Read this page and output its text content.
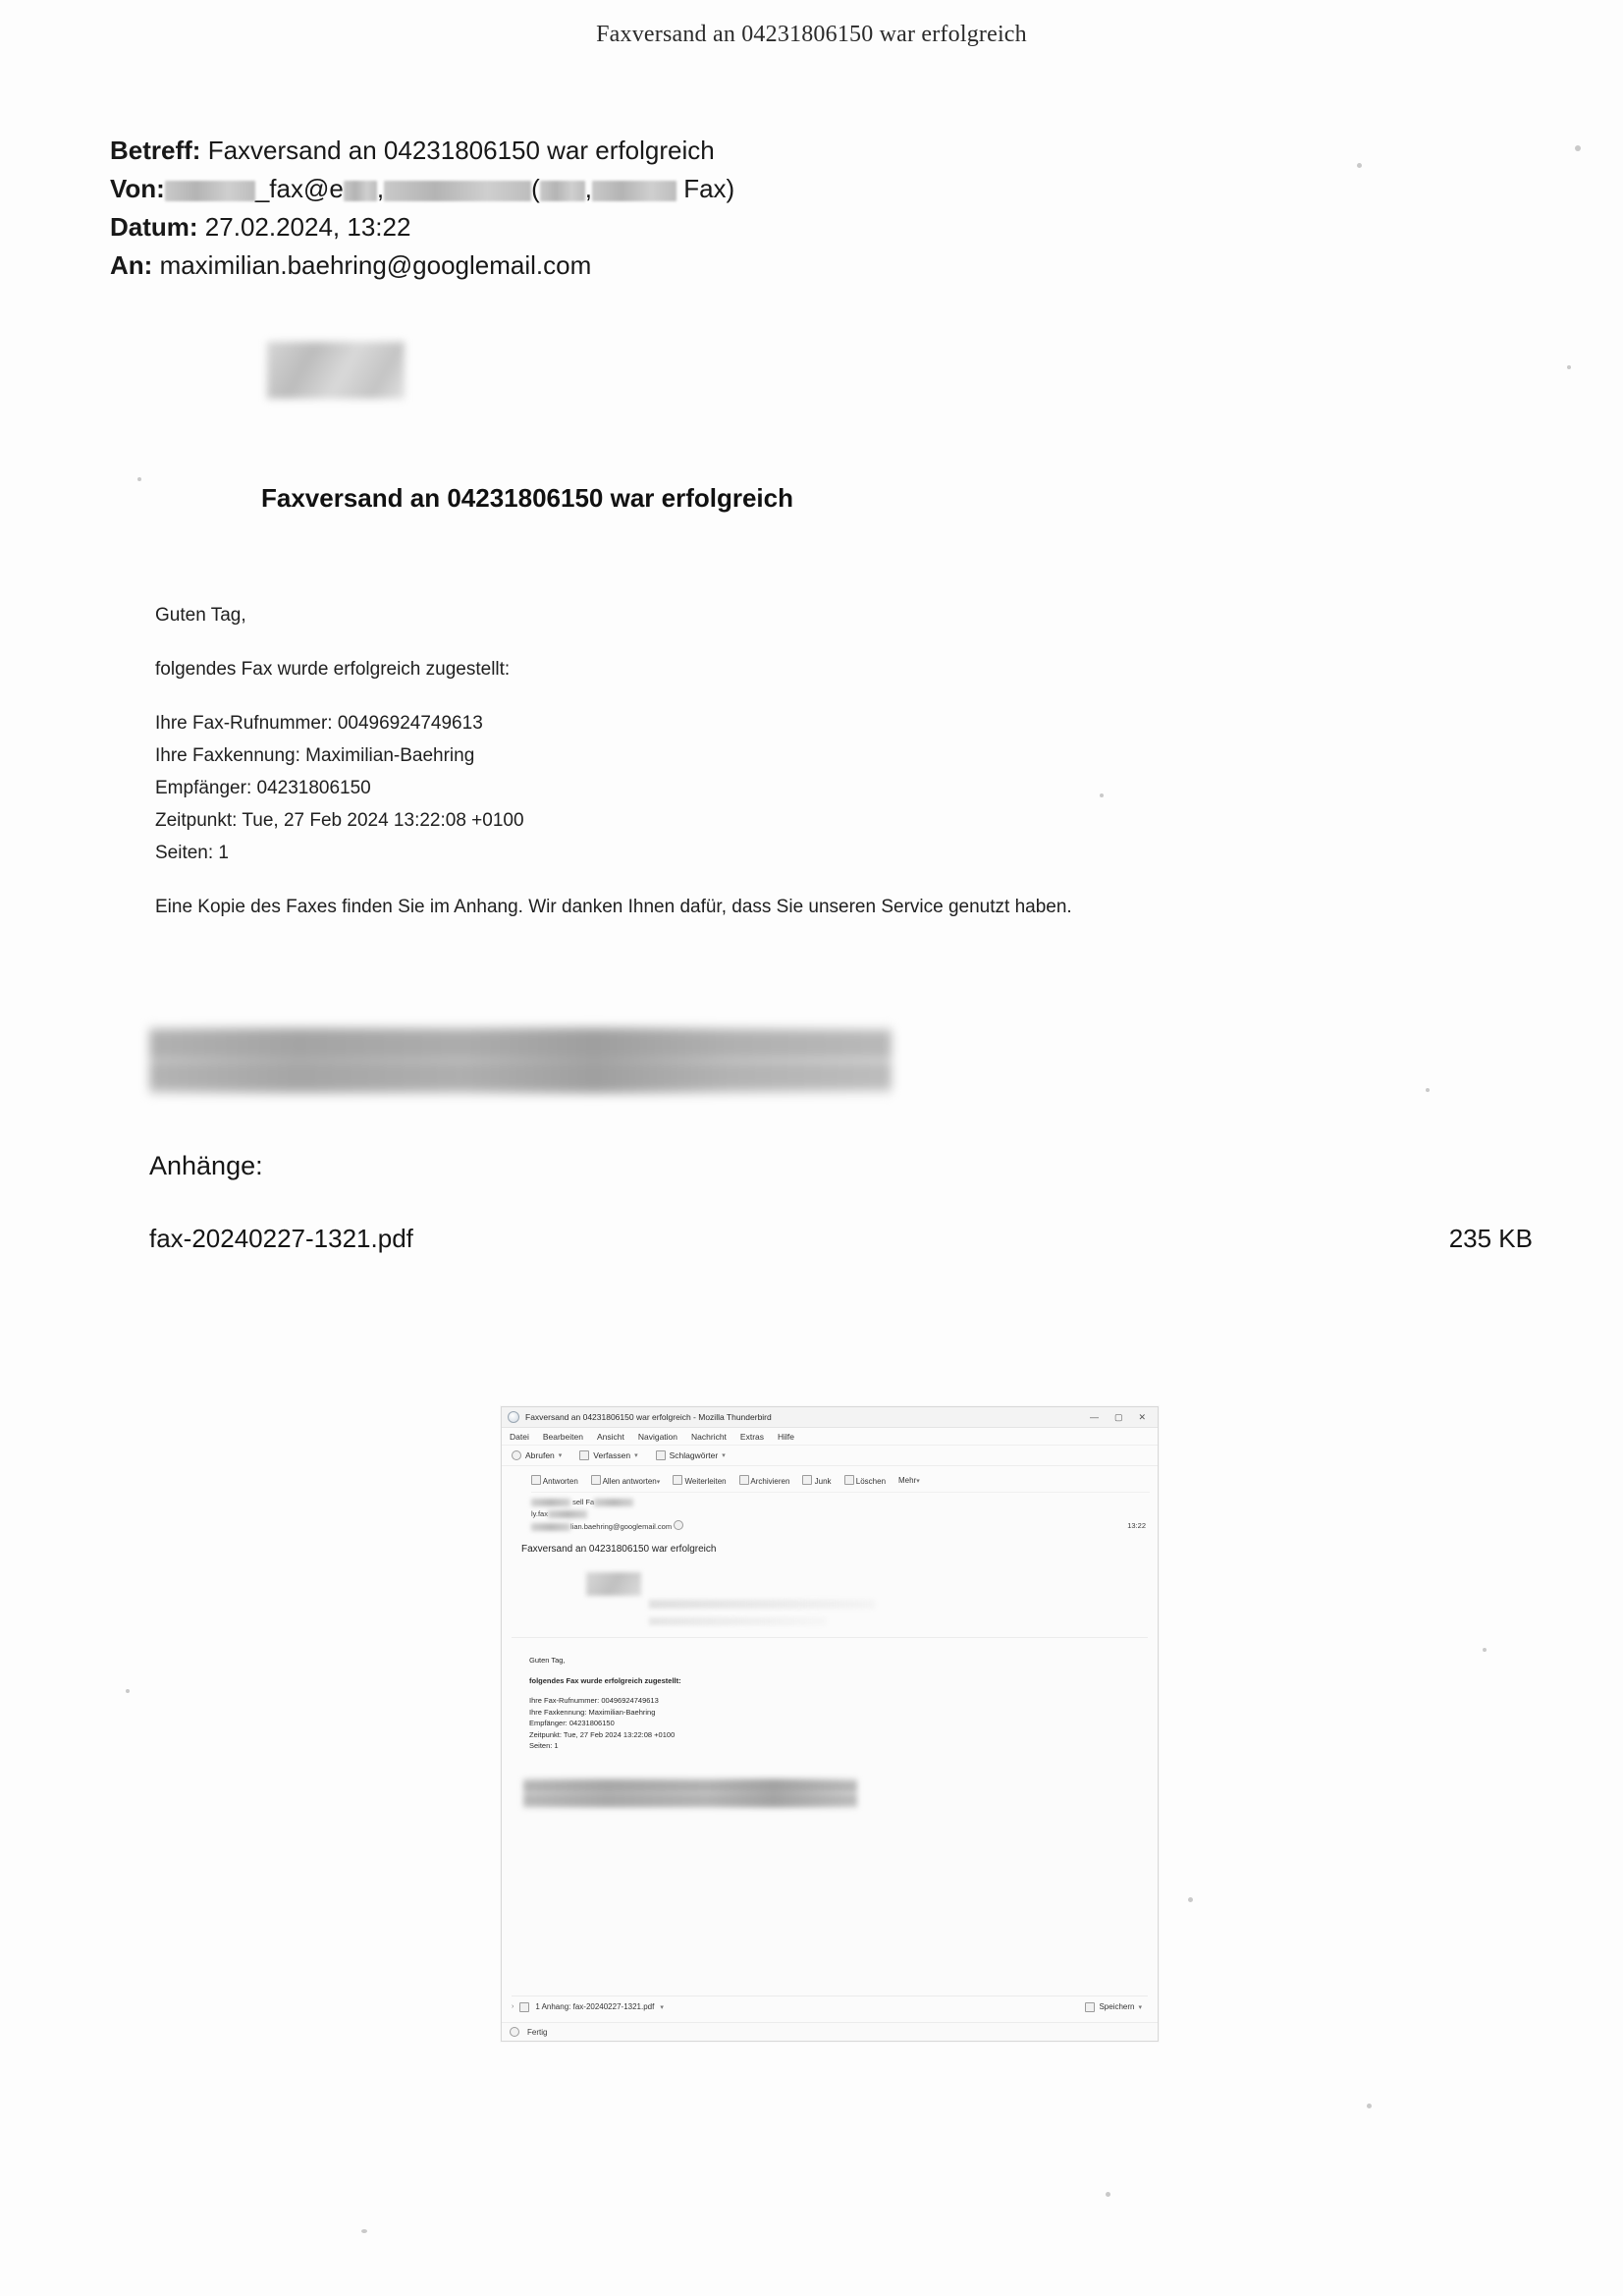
Faxversand an 04231806150 war erfolgreich
Betreff: Faxversand an 04231806150 war erfolgreich
Von:	_fax@e ,	( ,	Fax)
Datum: 27.02.2024, 13:22
An: maximilian.baehring@googlemail.com
Faxversand an 04231806150 war erfolgreich

Guten Tag,

folgendes Fax wurde erfolgreich zugestellt:

Ihre Fax-Rufnummer: 00496924749613

Ihre Faxkennung: Maximilian-Baehring

Empfänger: 04231806150

Zeitpunkt: Tue, 27 Feb 2024 13:22:08 +0100

Seiten: 1

Eine Kopie des Faxes finden Sie im Anhang. Wir danken Ihnen dafür, dass Sie unseren Service genutzt haben.

Anhänge:
fax-20240227-1321.pdf	235 KB
Faxversand an 04231806150 war erfolgreich - Mozilla Thunderbird	— ▢ ✕
Datei Bearbeiten Ansicht Navigation Nachricht Extras Hilfe
Abrufen ▾	Verfassen ▾	Schlagwörter ▾
Antworten	Allen antworten▾	Weiterleiten	Archivieren	Junk	Löschen Mehr▾
sell Fa
ly.fax
lian.baehring@googlemail.com	13:22
Faxversand an 04231806150 war erfolgreich

Guten Tag,

folgendes Fax wurde erfolgreich zugestellt:

Ihre Fax-Rufnummer: 00496924749613

Ihre Faxkennung: Maximilian-Baehring

Empfänger: 04231806150

Zeitpunkt: Tue, 27 Feb 2024 13:22:08 +0100

Seiten: 1

›	1 Anhang: fax-20240227-1321.pdf ▾	Speichern ▾
Fertig
